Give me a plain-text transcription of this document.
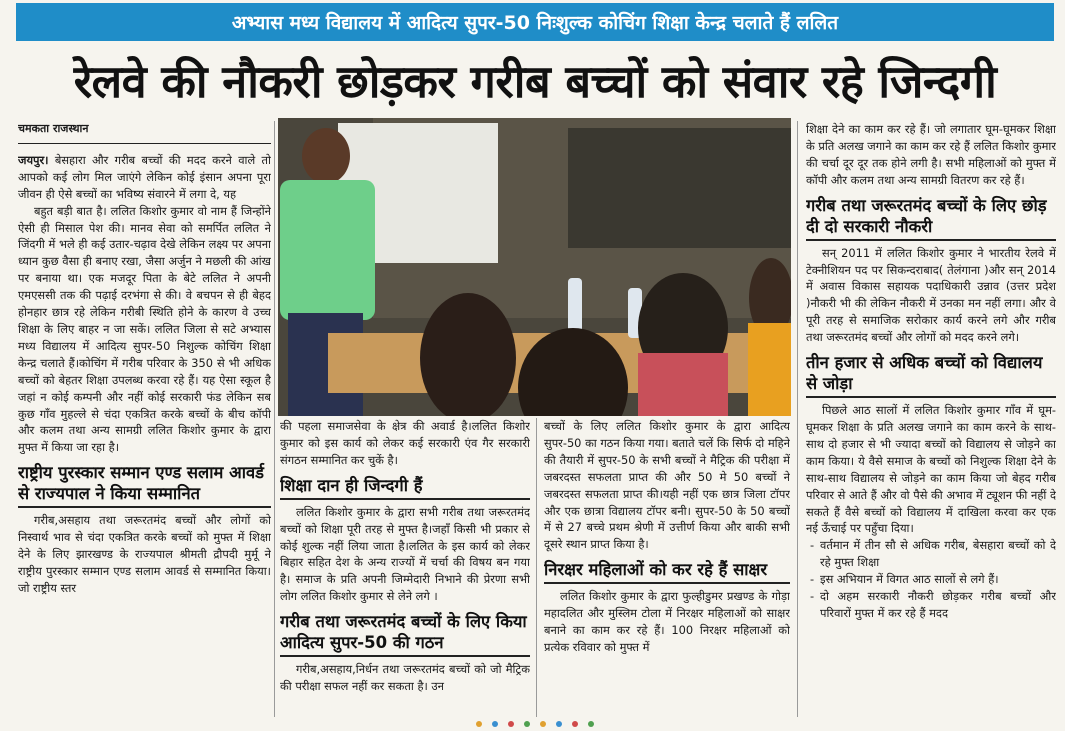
अभ्यास मध्य विद्यालय में आदित्य सुपर-50 निःशुल्क कोचिंग शिक्षा केन्द्र चलाते हैं ललित
रेलवे की नौकरी छोड़कर गरीब बच्चों को संवार रहे जिन्दगी

चमकता राजस्थान

जयपुर। बेसहारा और गरीब बच्चों की मदद करने वाले तो आपको कई लोग मिल जाएंगे लेकिन कोई इंसान अपना पूरा जीवन ही ऐसे बच्चों का भविष्य संवारने में लगा दे, यह

बहुत बड़ी बात है। ललित किशोर कुमार वो नाम हैं जिन्होंने ऐसी ही मिसाल पेश की। मानव सेवा को समर्पित ललित ने जिंदगी में भले ही कई उतार-चढ़ाव देखे लेकिन लक्ष्य पर अपना ध्यान कुछ वैसा ही बनाए रखा, जैसा अर्जुन ने मछली की आंख पर बनाया था। एक मजदूर पिता के बेटे ललित ने अपनी एमएससी तक की पढ़ाई दरभंगा से की। वे बचपन से ही बेहद होनहार छात्र रहे लेकिन गरीबी स्थिति होने के कारण वे उच्च शिक्षा के लिए बाहर न जा सकें। ललित जिला से सटे अभ्यास मध्य विद्यालय में आदित्य सुपर-50 निशुल्क कोचिंग शिक्षा केन्द्र चलाते हैं।कोचिंग में गरीब परिवार के 350 से भी अधिक बच्चों को बेहतर शिक्षा उपलब्ध करवा रहे हैं। यह ऐसा स्कूल है जहां न कोई कम्पनी और नहीं कोई सरकारी फंड लेकिन सब कुछ गाँव मुहल्ले से चंदा एकत्रित करके बच्चों के बीच कॉपी और कलम तथा अन्य सामग्री ललित किशोर कुमार के द्वारा मुफ्त में किया जा रहा है।

राष्ट्रीय पुरस्कार सम्मान एण्ड सलाम आवर्ड से राज्यपाल ने किया सम्मानित

गरीब,असहाय तथा जरूरतमंद बच्चों और लोगों को निस्वार्थ भाव से चंदा एकत्रित करके बच्चों को मुफ्त में शिक्षा देने के लिए झारखण्ड के राज्यपाल श्रीमती द्रौपदी मुर्मू ने राष्ट्रीय पुरस्कार सम्मान एण्ड सलाम आवर्ड से सम्मानित किया। जो राष्ट्रीय स्तर

की पहला समाजसेवा के क्षेत्र की अवार्ड है।ललित किशोर कुमार को इस कार्य को लेकर कई सरकारी एंव गैर सरकारी संगठन सम्मानित कर चुकें है।

शिक्षा दान ही जिन्दगी हैं

ललित किशोर कुमार के द्वारा सभी गरीब तथा जरूरतमंद बच्चों को शिक्षा पूरी तरह से मुफ्त है।जहाँ किसी भी प्रकार से कोई शुल्क नहीं लिया जाता है।ललित के इस कार्य को लेकर बिहार सहित देश के अन्य राज्यों में चर्चा की विषय बन गया है। समाज के प्रति अपनी जिम्मेदारी निभाने की प्रेरणा सभी लोग ललित किशोर कुमार से लेने लगे ।

गरीब तथा जरूरतमंद बच्चों के लिए किया आदित्य सुपर-50 की गठन

गरीब,असहाय,निर्धन तथा जरूरतमंद बच्चों को जो मैट्रिक की परीक्षा सफल नहीं कर सकता है। उन

बच्चों के लिए ललित किशोर कुमार के द्वारा आदित्य सुपर-50 का गठन किया गया। बताते चलें कि सिर्फ दो महिने की तैयारी में सुपर-50 के सभी बच्चों ने मैट्रिक की परीक्षा में जबरदस्त सफलता प्राप्त की और 50 मे 50 बच्चों ने जबरदस्त सफलता प्राप्त की।यही नहीं एक छात्र जिला टॉपर और एक छात्रा विद्यालय टॉपर बनी। सुपर-50 के 50 बच्चों में से 27 बच्चे प्रथम श्रेणी में उत्तीर्ण किया और बाकी सभी दूसरे स्थान प्राप्त किया है।

निरक्षर महिलाओं को कर रहे हैं साक्षर

ललित किशोर कुमार के द्वारा फुल्हीडुमर प्रखण्ड के गोड़ा महादलित और मुस्लिम टोला में निरक्षर महिलाओं को साक्षर बनाने का काम कर रहे हैं। 100 निरक्षर महिलाओं को प्रत्येक रविवार को मुफ्त में

शिक्षा देने का काम कर रहे हैं। जो लगातार घूम-घूमकर शिक्षा के प्रति अलख जगाने का काम कर रहे हैं ललित किशोर कुमार की चर्चा दूर दूर तक होने लगी है। सभी महिलाओं को मुफ्त में कॉपी और कलम तथा अन्य सामग्री वितरण कर रहे हैं।

गरीब तथा जरूरतमंद बच्चों के लिए छोड़ दी दो सरकारी नौकरी

सन् 2011 में ललित किशोर कुमार ने भारतीय रेलवे में टेक्नीशियन पद पर सिकन्दराबाद( तेलंगाना )और सन् 2014 में अवास विकास सहायक पदाधिकारी उन्नाव (उत्तर प्रदेश )नौकरी भी की लेकिन नौकरी में उनका मन नहीं लगा। और वे पूरी तरह से समाजिक सरोकार कार्य करने लगे और गरीब तथा जरूरतमंद बच्चों और लोगों को मदद करने लगे।

तीन हजार से अधिक बच्चों को विद्यालय से जोड़ा

पिछले आठ सालों में ललित किशोर कुमार गाँव में घूम-घूमकर शिक्षा के प्रति अलख जगाने का काम करने के साथ-साथ दो हजार से भी ज्यादा बच्चों को विद्यालय से जोड़ने का काम किया। ये वैसे समाज के बच्चों को निशुल्क शिक्षा देने के साथ-साथ विद्यालय से जोड़ने का काम किया जो बेहद गरीब परिवार से आते हैं और वो पैसे की अभाव में ट्यूशन फी नहीं दे सकते हैं वैसे बच्चों को विद्यालय में दाखिला करवा कर एक नई ऊँचाई पर पहुँचा दिया।

- वर्तमान में तीन सौ से अधिक गरीब, बेसहारा बच्चों को दे रहे मुफ्त शिक्षा

- इस अभियान में विगत आठ सालों से लगे हैं।

- दो अहम सरकारी नौकरी छोड़कर गरीब बच्चों और परिवारों मुफ्त में कर रहे हैं मदद
